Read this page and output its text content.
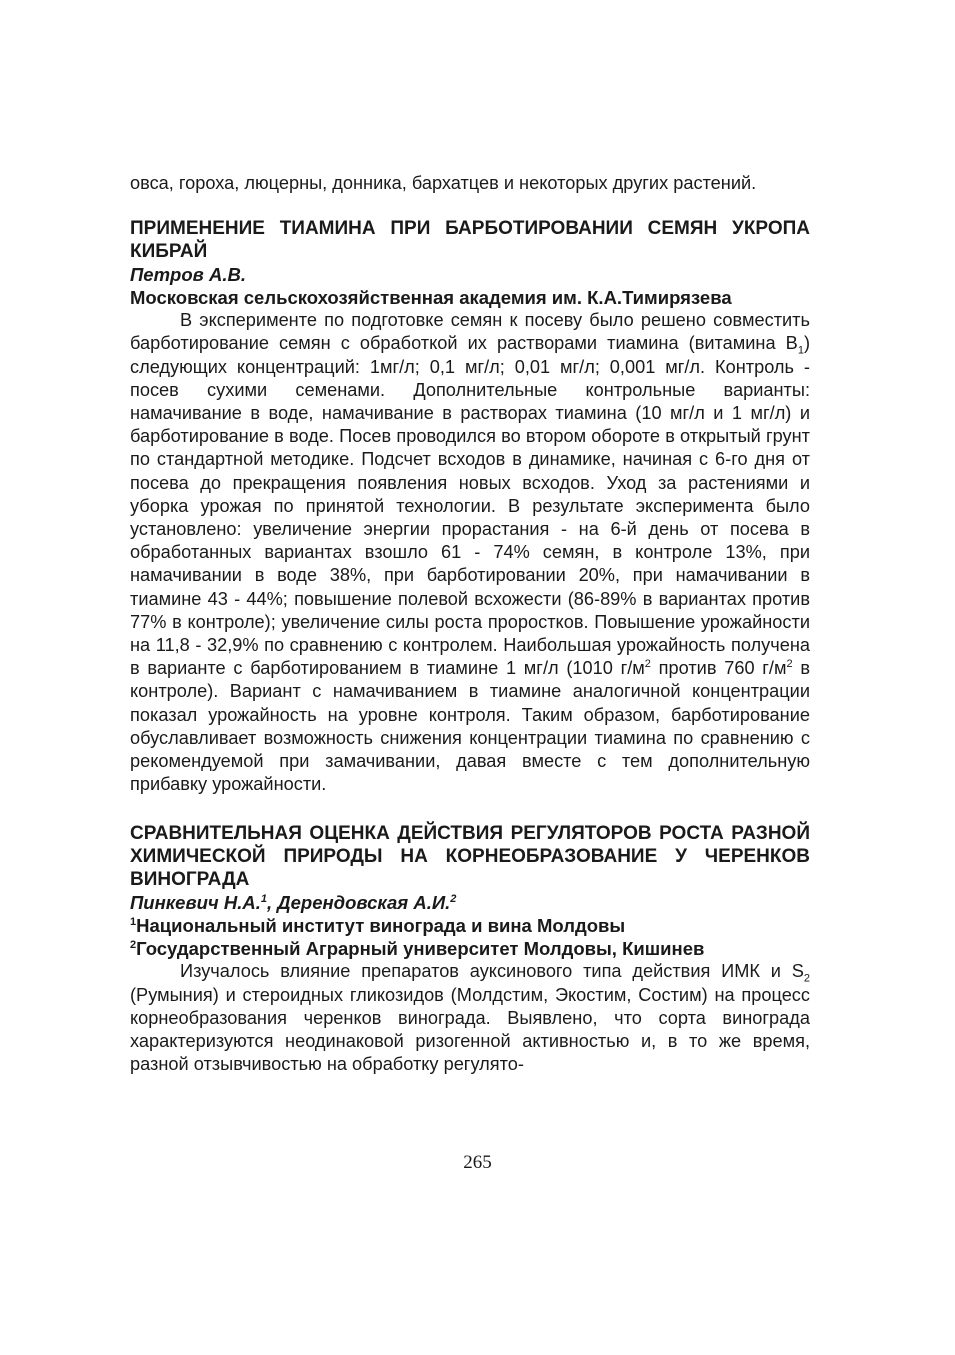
овса, гороха, люцерны, донника, бархатцев и некоторых других растений.

ПРИМЕНЕНИЕ ТИАМИНА ПРИ БАРБОТИРОВАНИИ СЕМЯН УКРОПА КИБРАЙ

Петров А.В.

Московская сельскохозяйственная академия им. К.А.Тимирязева

В эксперименте по подготовке семян к посеву было решено совместить барботирование семян с обработкой их растворами тиамина (витамина $B_1$) следующих концентраций: 1мг/л; 0,1 мг/л; 0,01 мг/л; 0,001 мг/л. Контроль - посев сухими семенами. Дополнительные контрольные варианты: намачивание в воде, намачивание в растворах тиамина (10 мг/л и 1 мг/л) и барботирование в воде. Посев проводился во втором обороте в открытый грунт по стандартной методике. Подсчет всходов в динамике, начиная с 6-го дня от посева до прекращения появления новых всходов. Уход за растениями и уборка урожая по принятой технологии. В результате эксперимента было установлено: увеличение энергии прорастания - на 6-й день от посева в обработанных вариантах взошло 61 - 74% семян, в контроле 13%, при намачивании в воде 38%, при барботировании 20%, при намачивании в тиамине 43 - 44%; повышение полевой всхожести (86-89% в вариантах против 77% в контроле); увеличение силы роста проростков. Повышение урожайности на 11,8 - 32,9% по сравнению с контролем. Наибольшая урожайность получена в варианте с барботированием в тиамине 1 мг/л (1010 $г/м^2$ против 760 $г/м^2$ в контроле). Вариант с намачиванием в тиамине аналогичной концентрации показал урожайность на уровне контроля. Таким образом, барботирование обуславливает возможность снижения концентрации тиамина по сравнению с рекомендуемой при замачивании, давая вместе с тем дополнительную прибавку урожайности.

СРАВНИТЕЛЬНАЯ ОЦЕНКА ДЕЙСТВИЯ РЕГУЛЯТОРОВ РОСТА РАЗНОЙ ХИМИЧЕСКОЙ ПРИРОДЫ НА КОРНЕОБРАЗОВАНИЕ У ЧЕРЕНКОВ ВИНОГРАДА

Пинкевич Н.А.$^1$, Дерендовская А.И.$^2$

$^1$Национальный институт винограда и вина Молдовы

$^2$Государственный Аграрный университет Молдовы, Кишинев

Изучалось влияние препаратов ауксинового типа действия ИМК и $S_2$ (Румыния) и стероидных гликозидов (Молдстим, Экостим, Состим) на процесс корнеобразования черенков винограда. Выявлено, что сорта винограда характеризуются неодинаковой ризогенной активностью и, в то же время, разной отзывчивостью на обработку регулято-

265
